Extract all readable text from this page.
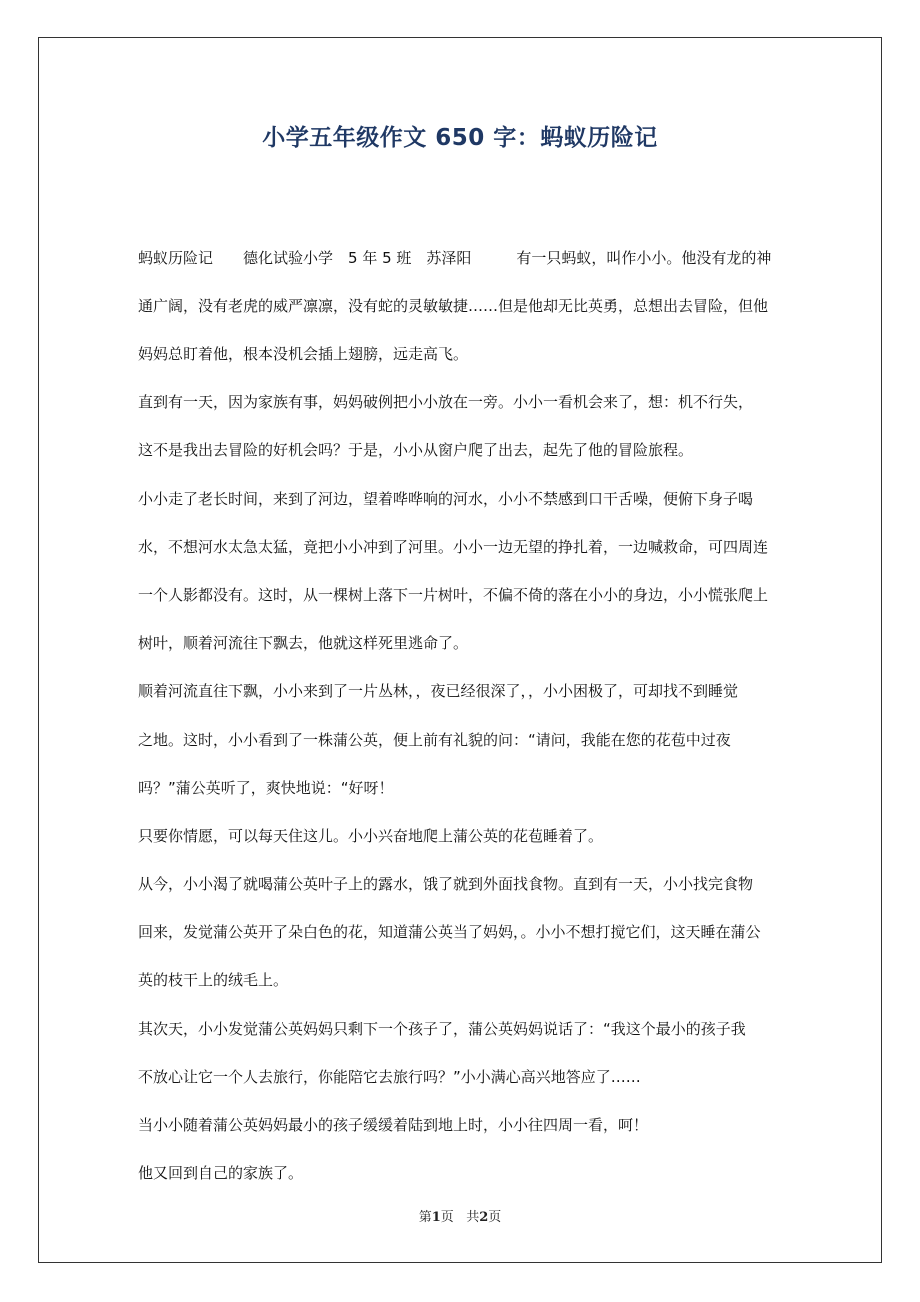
小学五年级作文 650 字：蚂蚁历险记
蚂蚁历险记　　德化试验小学　5 年 5 班　苏泽阳　　　有一只蚂蚁，叫作小小。他没有龙的神
通广阔，没有老虎的威严凛凛，没有蛇的灵敏敏捷……但是他却无比英勇，总想出去冒险，但他
妈妈总盯着他，根本没机会插上翅膀，远走高飞。
直到有一天，因为家族有事，妈妈破例把小小放在一旁。小小一看机会来了，想：机不行失，
这不是我出去冒险的好机会吗？于是，小小从窗户爬了出去，起先了他的冒险旅程。
小小走了老长时间，来到了河边，望着哗哗响的河水，小小不禁感到口干舌噪，便俯下身子喝
水，不想河水太急太猛，竟把小小冲到了河里。小小一边无望的挣扎着，一边喊救命，可四周连
一个人影都没有。这时，从一棵树上落下一片树叶，不偏不倚的落在小小的身边，小小慌张爬上
树叶，顺着河流往下飘去，他就这样死里逃命了。
顺着河流直往下飘，小小来到了一片丛林，，夜已经很深了，，小小困极了，可却找不到睡觉
之地。这时，小小看到了一株蒲公英，便上前有礼貌的问：“请问，我能在您的花苞中过夜
吗？”蒲公英听了，爽快地说：“好呀！
只要你情愿，可以每天住这儿。小小兴奋地爬上蒲公英的花苞睡着了。
从今，小小渴了就喝蒲公英叶子上的露水，饿了就到外面找食物。直到有一天，小小找完食物
回来，发觉蒲公英开了朵白色的花，知道蒲公英当了妈妈，。小小不想打搅它们，这天睡在蒲公
英的枝干上的绒毛上。
其次天，小小发觉蒲公英妈妈只剩下一个孩子了，蒲公英妈妈说话了：“我这个最小的孩子我
不放心让它一个人去旅行，你能陪它去旅行吗？”小小满心高兴地答应了……
当小小随着蒲公英妈妈最小的孩子缓缓着陆到地上时，小小往四周一看，呵！
他又回到自己的家族了。
第1页 共2页
